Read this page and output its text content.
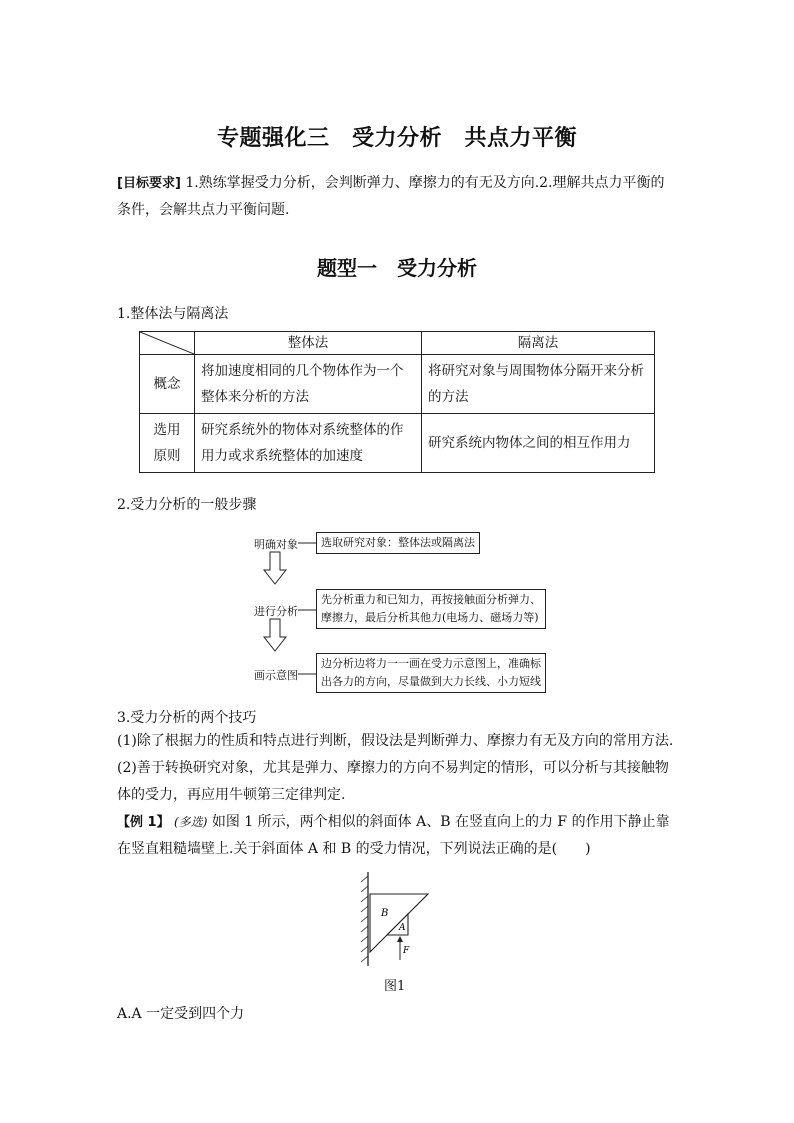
专题强化三　受力分析　共点力平衡
[目标要求] 1.熟练掌握受力分析，会判断弹力、摩擦力的有无及方向.2.理解共点力平衡的条件，会解共点力平衡问题.
题型一　受力分析
1.整体法与隔离法
	整体法	隔离法
概念	将加速度相同的几个物体作为一个整体来分析的方法	将研究对象与周围物体分隔开来分析的方法
选用
原则	研究系统外的物体对系统整体的作用力或求系统整体的加速度	研究系统内物体之间的相互作用力
2.受力分析的一般步骤
明确对象	选取研究对象：整体法或隔离法
进行分析
先分析重力和已知力，再按接触面分析弹力、
摩擦力，最后分析其他力(电场力、磁场力等)
画示意图
边分析边将力一一画在受力示意图上，准确标
出各力的方向，尽量做到大力长线、小力短线
3.受力分析的两个技巧
(1)除了根据力的性质和特点进行判断，假设法是判断弹力、摩擦力有无及方向的常用方法.
(2)善于转换研究对象，尤其是弹力、摩擦力的方向不易判定的情形，可以分析与其接触物体的受力，再应用牛顿第三定律判定.
【例 1】 (多选) 如图 1 所示，两个相似的斜面体 A、B 在竖直向上的力 F 的作用下静止靠在竖直粗糙墙壁上.关于斜面体 A 和 B 的受力情况，下列说法正确的是(　　)
B
A
F
图1
A.A 一定受到四个力
